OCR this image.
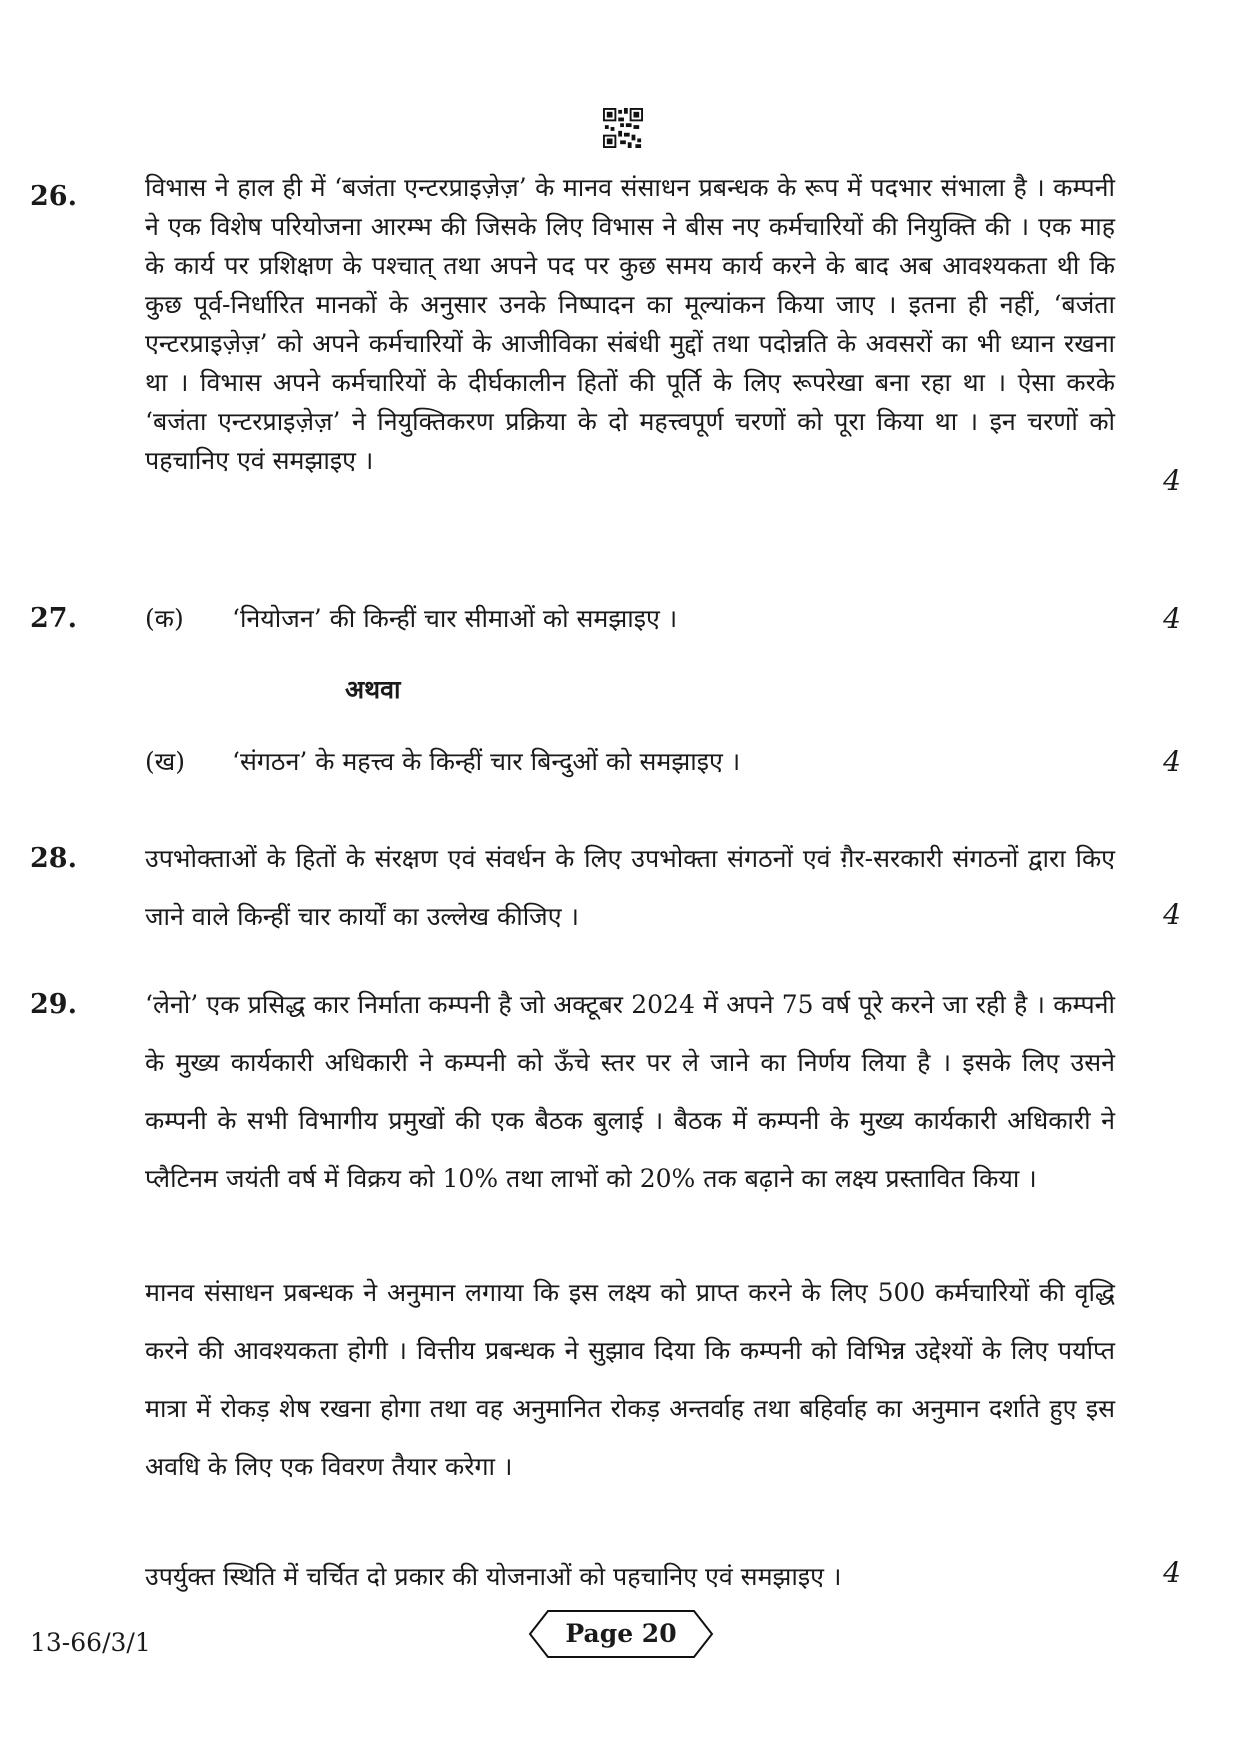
26.	विभास ने हाल ही में ‘बजंता एन्टरप्राइज़ेज़’ के मानव संसाधन प्रबन्धक के रूप में पदभार संभाला है । कम्पनी ने एक विशेष परियोजना आरम्भ की जिसके लिए विभास ने बीस नए कर्मचारियों की नियुक्ति की । एक माह के कार्य पर प्रशिक्षण के पश्चात् तथा अपने पद पर कुछ समय कार्य करने के बाद अब आवश्यकता थी कि कुछ पूर्व-निर्धारित मानकों के अनुसार उनके निष्पादन का मूल्यांकन किया जाए । इतना ही नहीं, ‘बजंता एन्टरप्राइज़ेज़’ को अपने कर्मचारियों के आजीविका संबंधी मुद्दों तथा पदोन्नति के अवसरों का भी ध्यान रखना था । विभास अपने कर्मचारियों के दीर्घकालीन हितों की पूर्ति के लिए रूपरेखा बना रहा था । ऐसा करके ‘बजंता एन्टरप्राइज़ेज़’ ने नियुक्तिकरण प्रक्रिया के दो महत्त्वपूर्ण चरणों को पूरा किया था । इन चरणों को पहचानिए एवं समझाइए ।

4
27.	(क) ‘नियोजन’ की किन्हीं चार सीमाओं को समझाइए ।	4
अथवा
(ख) ‘संगठन’ के महत्त्व के किन्हीं चार बिन्दुओं को समझाइए ।	4
28.	उपभोक्ताओं के हितों के संरक्षण एवं संवर्धन के लिए उपभोक्ता संगठनों एवं ग़ैर-सरकारी संगठनों द्वारा किए जाने वाले किन्हीं चार कार्यों का उल्लेख कीजिए ।	4
29.	‘लेनो’ एक प्रसिद्ध कार निर्माता कम्पनी है जो अक्टूबर 2024 में अपने 75 वर्ष पूरे करने जा रही है । कम्पनी के मुख्य कार्यकारी अधिकारी ने कम्पनी को ऊँचे स्तर पर ले जाने का निर्णय लिया है । इसके लिए उसने कम्पनी के सभी विभागीय प्रमुखों की एक बैठक बुलाई । बैठक में कम्पनी के मुख्य कार्यकारी अधिकारी ने प्लैटिनम जयंती वर्ष में विक्रय को 10% तथा लाभों को 20% तक बढ़ाने का लक्ष्य प्रस्तावित किया ।

मानव संसाधन प्रबन्धक ने अनुमान लगाया कि इस लक्ष्य को प्राप्त करने के लिए 500 कर्मचारियों की वृद्धि करने की आवश्यकता होगी । वित्तीय प्रबन्धक ने सुझाव दिया कि कम्पनी को विभिन्न उद्देश्यों के लिए पर्याप्त मात्रा में रोकड़ शेष रखना होगा तथा वह अनुमानित रोकड़ अन्तर्वाह तथा बहिर्वाह का अनुमान दर्शाते हुए इस अवधि के लिए एक विवरण तैयार करेगा ।

उपर्युक्त स्थिति में चर्चित दो प्रकार की योजनाओं को पहचानिए एवं समझाइए ।	4
13-66/3/1	Page 20
